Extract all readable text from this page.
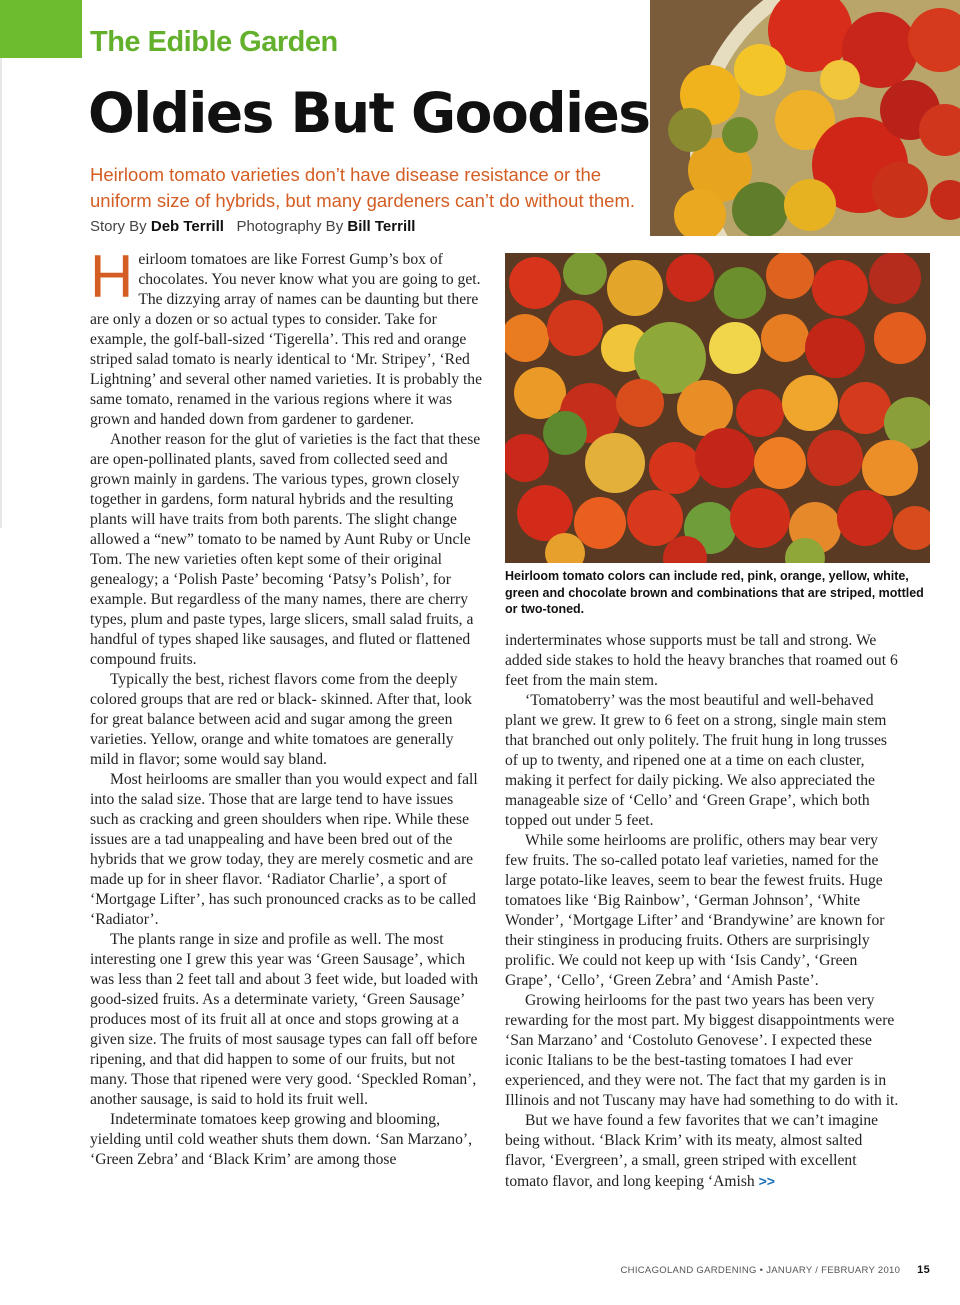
The Edible Garden
Oldies But Goodies
Heirloom tomato varieties don’t have disease resistance or the uniform size of hybrids, but many gardeners can’t do without them.
Story By Deb Terrill Photography By Bill Terrill
Heirloom tomato colors can include red, pink, orange, yellow, white, green and chocolate brown and combinations that are striped, mottled or two-toned.

Heirloom tomatoes are like Forrest Gump’s box of chocolates. You never know what you are going to get. The dizzying array of names can be daunting but there are only a dozen or so actual types to consider. Take for example, the golf-ball-sized ‘Tigerella’. This red and orange striped salad tomato is nearly identical to ‘Mr. Stripey’, ‘Red Lightning’ and several other named varieties. It is probably the same tomato, renamed in the various regions where it was grown and handed down from gardener to gardener.

Another reason for the glut of varieties is the fact that these are open-pollinated plants, saved from collected seed and grown mainly in gardens. The various types, grown closely together in gardens, form natural hybrids and the resulting plants will have traits from both parents. The slight change allowed a “new” tomato to be named by Aunt Ruby or Uncle Tom. The new varieties often kept some of their original genealogy; a ‘Polish Paste’ becoming ‘Patsy’s Polish’, for example. But regardless of the many names, there are cherry types, plum and paste types, large slicers, small salad fruits, a handful of types shaped like sausages, and fluted or flattened compound fruits.

Typically the best, richest flavors come from the deeply colored groups that are red or black- skinned. After that, look for great balance between acid and sugar among the green varieties. Yellow, orange and white tomatoes are generally mild in flavor; some would say bland.

Most heirlooms are smaller than you would expect and fall into the salad size. Those that are large tend to have issues such as cracking and green shoulders when ripe. While these issues are a tad unappealing and have been bred out of the hybrids that we grow today, they are merely cosmetic and are made up for in sheer flavor. ‘Radiator Charlie’, a sport of ‘Mortgage Lifter’, has such pronounced cracks as to be called ‘Radiator’.

The plants range in size and profile as well. The most interesting one I grew this year was ‘Green Sausage’, which was less than 2 feet tall and about 3 feet wide, but loaded with good-sized fruits. As a determinate variety, ‘Green Sausage’ produces most of its fruit all at once and stops growing at a given size. The fruits of most sausage types can fall off before ripening, and that did happen to some of our fruits, but not many. Those that ripened were very good. ‘Speckled Roman’, another sausage, is said to hold its fruit well.

Indeterminate tomatoes keep growing and blooming, yielding until cold weather shuts them down. ‘San Marzano’, ‘Green Zebra’ and ‘Black Krim’ are among those

inderterminates whose supports must be tall and strong. We added side stakes to hold the heavy branches that roamed out 6 feet from the main stem.

‘Tomatoberry’ was the most beautiful and well-behaved plant we grew. It grew to 6 feet on a strong, single main stem that branched out only politely. The fruit hung in long trusses of up to twenty, and ripened one at a time on each cluster, making it perfect for daily picking. We also appreciated the manageable size of ‘Cello’ and ‘Green Grape’, which both topped out under 5 feet.

While some heirlooms are prolific, others may bear very few fruits. The so-called potato leaf varieties, named for the large potato-like leaves, seem to bear the fewest fruits. Huge tomatoes like ‘Big Rainbow’, ‘German Johnson’, ‘White Wonder’, ‘Mortgage Lifter’ and ‘Brandywine’ are known for their stinginess in producing fruits. Others are surprisingly prolific. We could not keep up with ‘Isis Candy’, ‘Green Grape’, ‘Cello’, ‘Green Zebra’ and ‘Amish Paste’.

Growing heirlooms for the past two years has been very rewarding for the most part. My biggest disappointments were ‘San Marzano’ and ‘Costoluto Genovese’. I expected these iconic Italians to be the best-tasting tomatoes I had ever experienced, and they were not. The fact that my garden is in Illinois and not Tuscany may have had something to do with it.

But we have found a few favorites that we can’t imagine being without. ‘Black Krim’ with its meaty, almost salted flavor, ‘Evergreen’, a small, green striped with excellent tomato flavor, and long keeping ‘Amish >>

CHICAGOLAND GARDENING • JANUARY / FEBRUARY 2010 15
